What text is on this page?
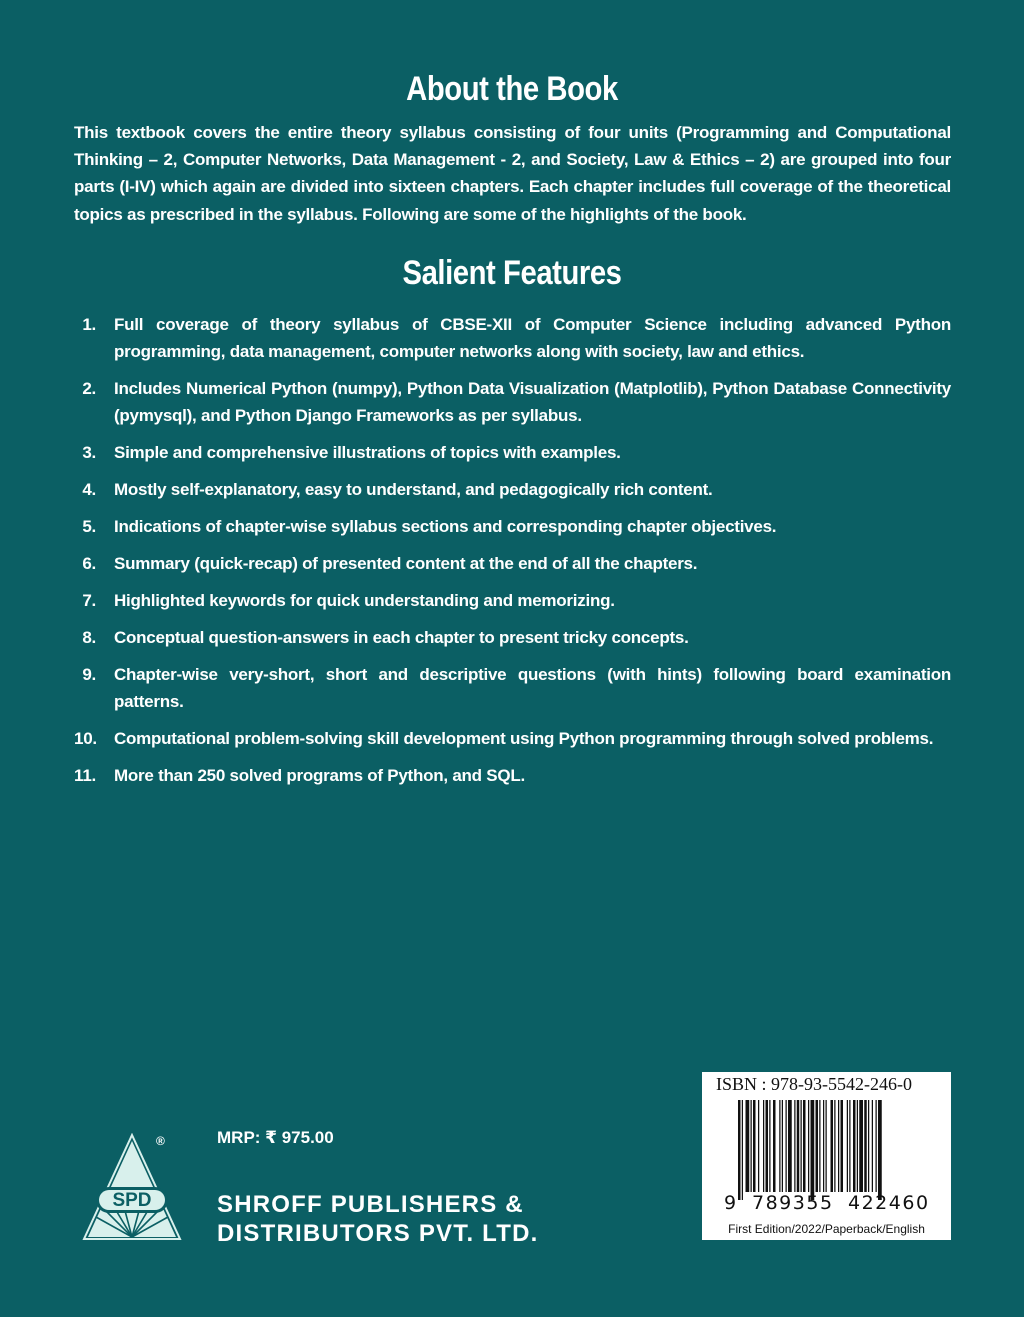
About the Book
This textbook covers the entire theory syllabus consisting of four units (Programming and Computational Thinking – 2, Computer Networks, Data Management - 2, and Society, Law & Ethics – 2) are grouped into four parts (I-IV) which again are divided into sixteen chapters. Each chapter includes full coverage of the theoretical topics as prescribed in the syllabus. Following are some of the highlights of the book.
Salient Features
1. Full coverage of theory syllabus of CBSE-XII of Computer Science including advanced Python programming, data management, computer networks along with society, law and ethics.
2. Includes Numerical Python (numpy), Python Data Visualization (Matplotlib), Python Database Connectivity (pymysql), and Python Django Frameworks as per syllabus.
3. Simple and comprehensive illustrations of topics with examples.
4. Mostly self-explanatory, easy to understand, and pedagogically rich content.
5. Indications of chapter-wise syllabus sections and corresponding chapter objectives.
6. Summary (quick-recap) of presented content at the end of all the chapters.
7. Highlighted keywords for quick understanding and memorizing.
8. Conceptual question-answers in each chapter to present tricky concepts.
9. Chapter-wise very-short, short and descriptive questions (with hints) following board examination patterns.
10. Computational problem-solving skill development using Python programming through solved problems.
11. More than 250 solved programs of Python, and SQL.
SPD
®	MRP: ₹ 975.00
SHROFF PUBLISHERS &
DISTRIBUTORS PVT. LTD.
ISBN : 978-93-5542-246-0
9 789355 422460
First Edition/2022/Paperback/English
